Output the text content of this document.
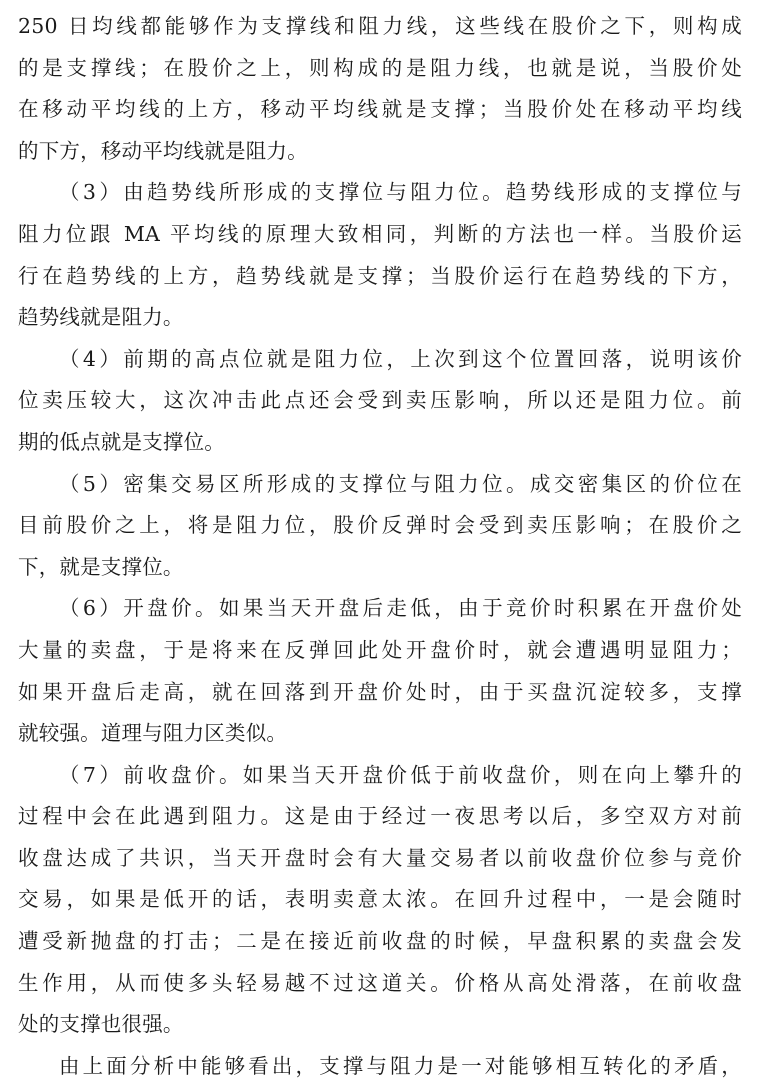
250 日均线都能够作为支撑线和阻力线，这些线在股价之下，则构成
的是支撑线；在股价之上，则构成的是阻力线，也就是说，当股价处
在移动平均线的上方，移动平均线就是支撑；当股价处在移动平均线
的下方，移动平均线就是阻力。
（3）由趋势线所形成的支撑位与阻力位。趋势线形成的支撑位与
阻力位跟 MA 平均线的原理大致相同，判断的方法也一样。当股价运
行在趋势线的上方，趋势线就是支撑；当股价运行在趋势线的下方，
趋势线就是阻力。
（4）前期的高点位就是阻力位，上次到这个位置回落，说明该价
位卖压较大，这次冲击此点还会受到卖压影响，所以还是阻力位。前
期的低点就是支撑位。
（5）密集交易区所形成的支撑位与阻力位。成交密集区的价位在
目前股价之上，将是阻力位，股价反弹时会受到卖压影响；在股价之
下，就是支撑位。
（6）开盘价。如果当天开盘后走低，由于竞价时积累在开盘价处
大量的卖盘，于是将来在反弹回此处开盘价时，就会遭遇明显阻力；
如果开盘后走高，就在回落到开盘价处时，由于买盘沉淀较多，支撑
就较强。道理与阻力区类似。
（7）前收盘价。如果当天开盘价低于前收盘价，则在向上攀升的
过程中会在此遇到阻力。这是由于经过一夜思考以后，多空双方对前
收盘达成了共识，当天开盘时会有大量交易者以前收盘价位参与竞价
交易，如果是低开的话，表明卖意太浓。在回升过程中，一是会随时
遭受新抛盘的打击；二是在接近前收盘的时候，早盘积累的卖盘会发
生作用，从而使多头轻易越不过这道关。价格从高处滑落，在前收盘
处的支撑也很强。
由上面分析中能够看出，支撑与阻力是一对能够相互转化的矛盾，
